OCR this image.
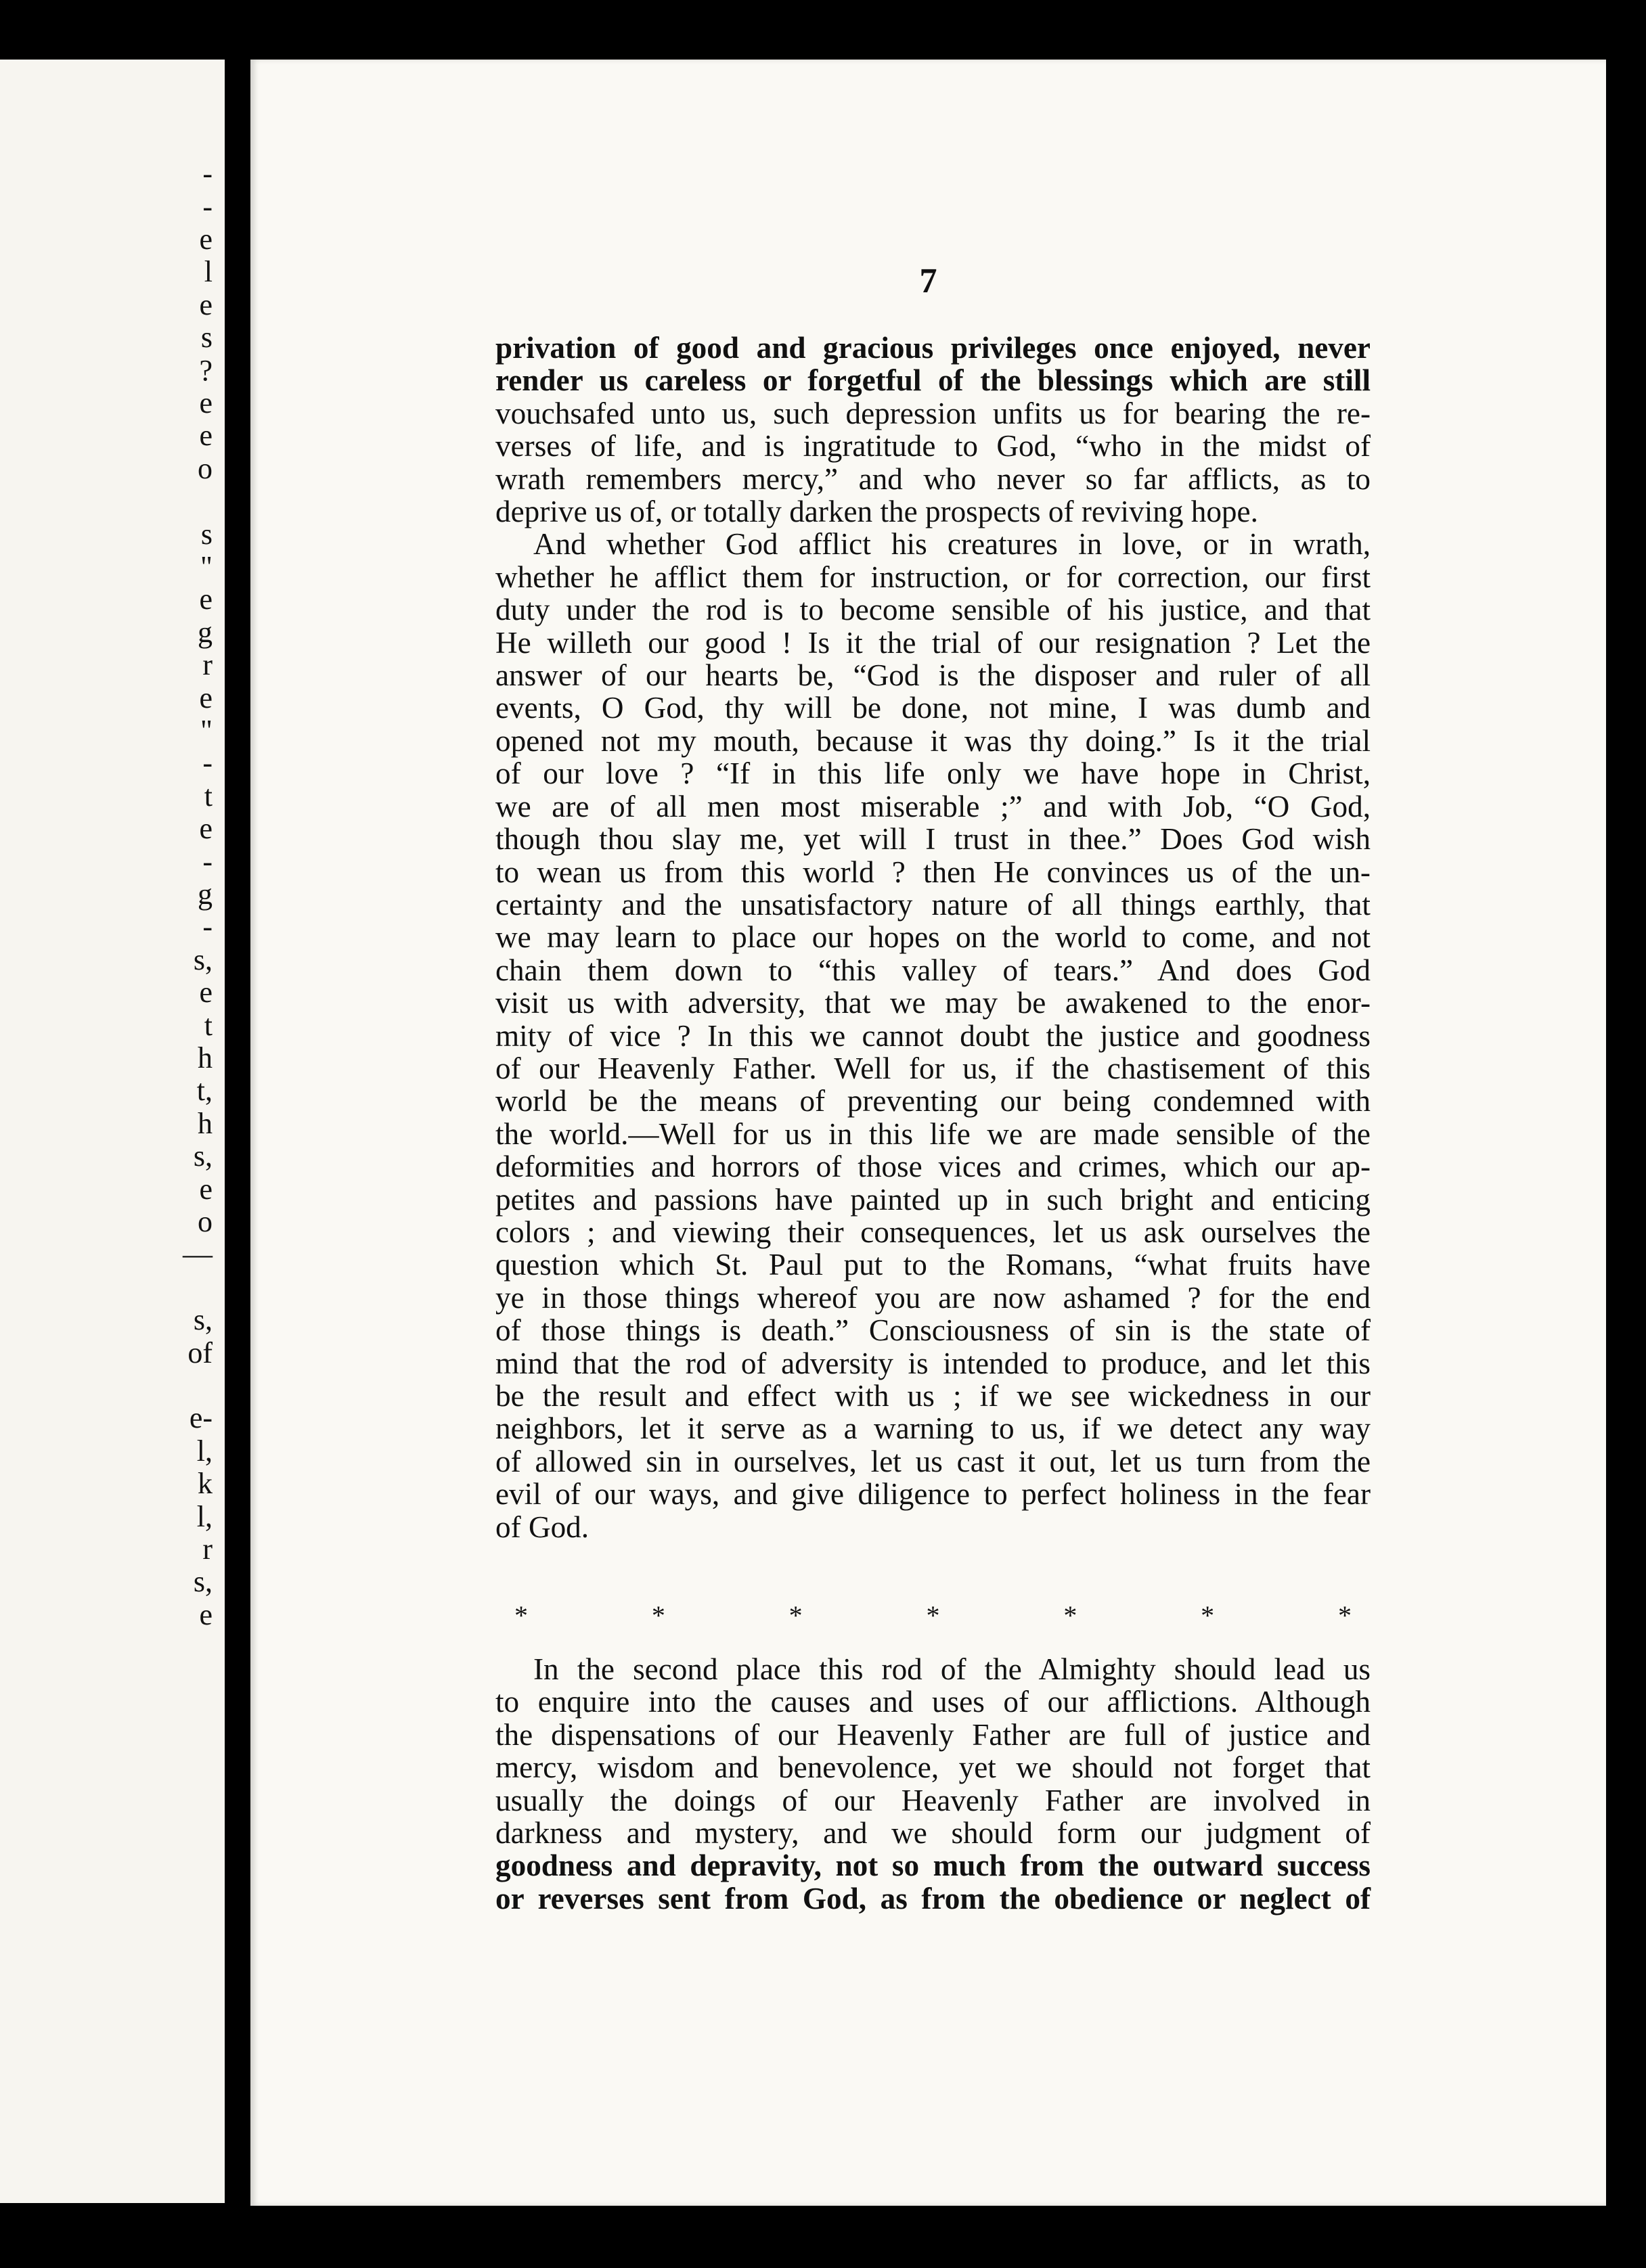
-
-
e
l
e
s
?
e
e
o
s
"
e
g
r
e
"
-
t
e
-
g
-
s,
e
t
h
t,
h
s,
e
o
—
s,
of
e-
l,
k
l,
r
s,
e
7
privation of good and gracious privileges once enjoyed, never
render us careless or forgetful of the blessings which are still
vouchsafed unto us, such depression unfits us for bearing the re-
verses of life, and is ingratitude to God, “who in the midst of
wrath remembers mercy,” and who never so far afflicts, as to
deprive us of, or totally darken the prospects of reviving hope.
And whether God afflict his creatures in love, or in wrath,
whether he afflict them for instruction, or for correction, our first
duty under the rod is to become sensible of his justice, and that
He willeth our good ! Is it the trial of our resignation ? Let the
answer of our hearts be, “God is the disposer and ruler of all
events, O God, thy will be done, not mine, I was dumb and
opened not my mouth, because it was thy doing.” Is it the trial
of our love ? “If in this life only we have hope in Christ,
we are of all men most miserable ;” and with Job, “O God,
though thou slay me, yet will I trust in thee.” Does God wish
to wean us from this world ? then He convinces us of the un-
certainty and the unsatisfactory nature of all things earthly, that
we may learn to place our hopes on the world to come, and not
chain them down to “this valley of tears.” And does God
visit us with adversity, that we may be awakened to the enor-
mity of vice ? In this we cannot doubt the justice and goodness
of our Heavenly Father. Well for us, if the chastisement of this
world be the means of preventing our being condemned with
the world.—Well for us in this life we are made sensible of the
deformities and horrors of those vices and crimes, which our ap-
petites and passions have painted up in such bright and enticing
colors ; and viewing their consequences, let us ask ourselves the
question which St. Paul put to the Romans, “what fruits have
ye in those things whereof you are now ashamed ? for the end
of those things is death.” Consciousness of sin is the state of
mind that the rod of adversity is intended to produce, and let this
be the result and effect with us ; if we see wickedness in our
neighbors, let it serve as a warning to us, if we detect any way
of allowed sin in ourselves, let us cast it out, let us turn from the
evil of our ways, and give diligence to perfect holiness in the fear
of God.
*	*	*	*	*	*	*
In the second place this rod of the Almighty should lead us
to enquire into the causes and uses of our afflictions. Although
the dispensations of our Heavenly Father are full of justice and
mercy, wisdom and benevolence, yet we should not forget that
usually the doings of our Heavenly Father are involved in
darkness and mystery, and we should form our judgment of
goodness and depravity, not so much from the outward success
or reverses sent from God, as from the obedience or neglect of
